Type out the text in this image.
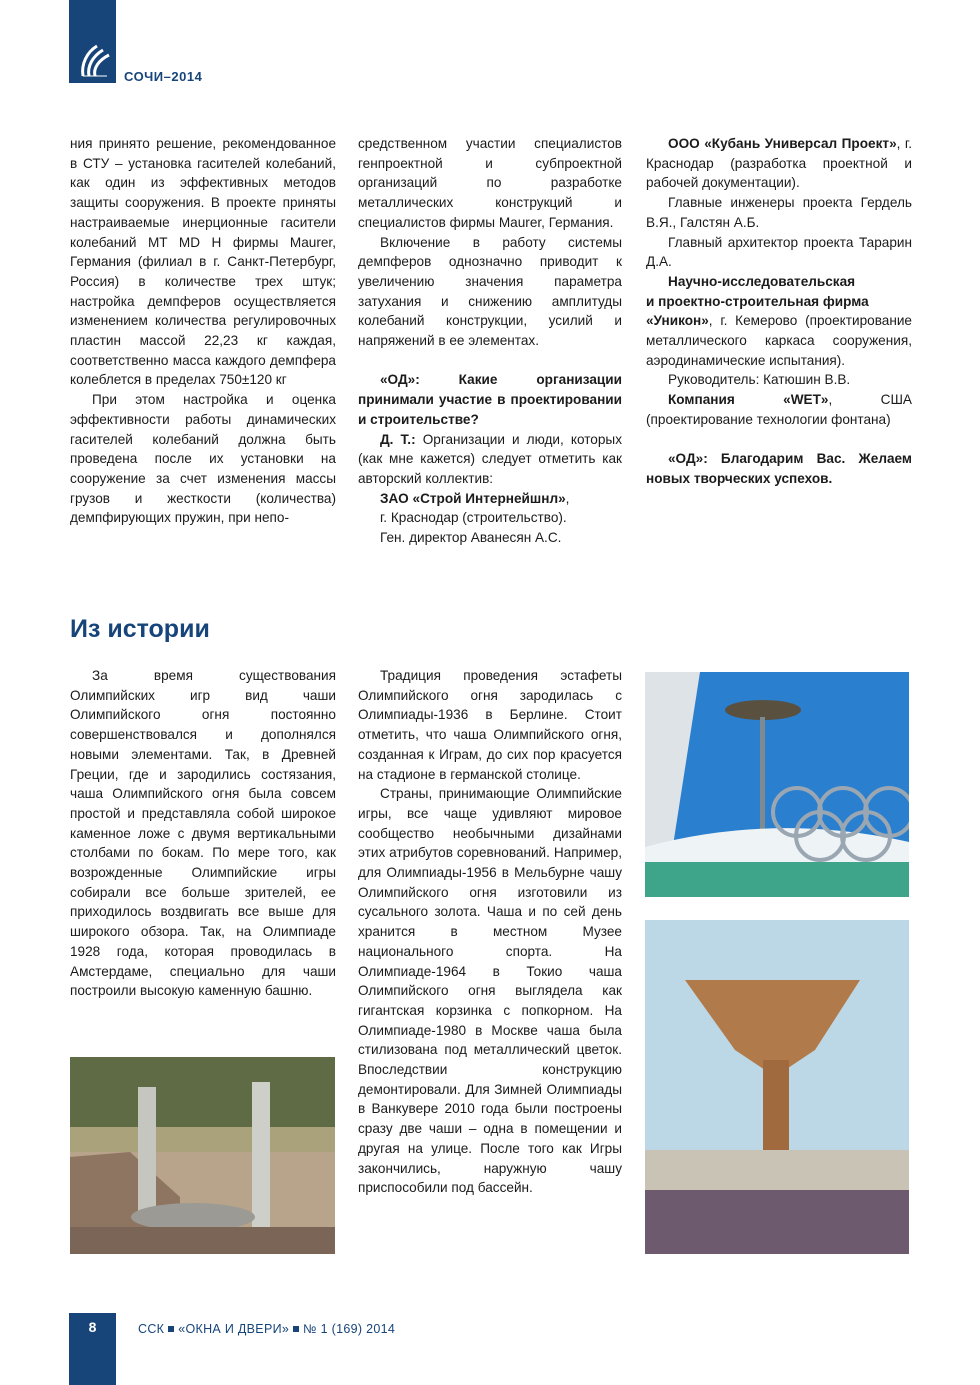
СОЧИ–2014

ния принято решение, рекомендованное в СТУ – установка гасителей колебаний, как один из эффективных методов защиты сооружения. В проекте приняты настраиваемые инерционные гасители колебаний MT MD H фирмы Maurer, Германия (филиал в г. Санкт-Петербург, Россия) в количестве трех штук; настройка демпферов осуществляется изменением количества регулировочных пластин массой 22,23 кг каждая, соответственно масса каждого демпфера колеблется в пределах 750±120 кг

При этом настройка и оценка эффективности работы динамических гасителей колебаний должна быть проведена после их установки на сооружение за счет изменения массы грузов и жесткости (количества) демпфирующих пружин, при непо-

средственном участии специалистов генпроектной и субпроектной организаций по разработке металлических конструкций и специалистов фирмы Maurer, Германия.

Включение в работу системы демпферов однозначно приводит к увеличению значения параметра затухания и снижению амплитуды колебаний конструкции, усилий и напряжений в ее элементах.

«ОД»: Какие организации принимали участие в проектировании и строительстве?

Д. Т.: Организации и люди, которых (как мне кажется) следует отметить как авторский коллектив:

ЗАО «Строй Интернейшнл»,

г. Краснодар (строительство).

Ген. директор Аванесян А.С.

ООО «Кубань Универсал Проект», г. Краснодар (разработка проектной и рабочей документации).

Главные инженеры проекта Гердель В.Я., Галстян А.Б.

Главный архитектор проекта Тарарин Д.А.

Научно-исследовательская

и проектно-строительная фирма

«Уникон», г. Кемерово (проектирование металлического каркаса сооружения, аэродинамические испытания).

Руководитель: Катюшин В.В.

Компания «WET», США (проектирование технологии фонтана)

«ОД»: Благодарим Вас. Желаем новых творческих успехов.

Из истории

За время существования Олимпийских игр вид чаши Олимпийского огня постоянно совершенствовался и дополнялся новыми элементами. Так, в Древней Греции, где и зародились состязания, чаша Олимпийского огня была совсем простой и представляла собой широкое каменное ложе с двумя вертикальными столбами по бокам. По мере того, как возрожденные Олимпийские игры собирали все больше зрителей, ее приходилось воздвигать все выше для широкого обзора. Так, на Олимпиаде 1928 года, которая проводилась в Амстердаме, специально для чаши построили высокую каменную башню.

Традиция проведения эстафеты Олимпийского огня зародилась с Олимпиады-1936 в Берлине. Стоит отметить, что чаша Олимпийского огня, созданная к Играм, до сих пор красуется на стадионе в германской столице.

Страны, принимающие Олимпийские игры, все чаще удивляют мировое сообщество необычными дизайнами этих атрибутов соревнований. Например, для Олимпиады-1956 в Мельбурне чашу Олимпийского огня изготовили из сусального золота. Чаша и по сей день хранится в местном Музее национального спорта. На Олимпиаде-1964 в Токио чаша Олимпийского огня выглядела как гигантская корзинка с попкорном. На Олимпиаде-1980 в Москве чаша была стилизована под металлический цветок. Впоследствии конструкцию демонтировали. Для Зимней Олимпиады в Ванкувере 2010 года были построены сразу две чаши – одна в помещении и другая на улице. После того как Игры закончились, наружную чашу приспособили под бассейн.

8	ССК «ОКНА И ДВЕРИ» № 1 (169) 2014
